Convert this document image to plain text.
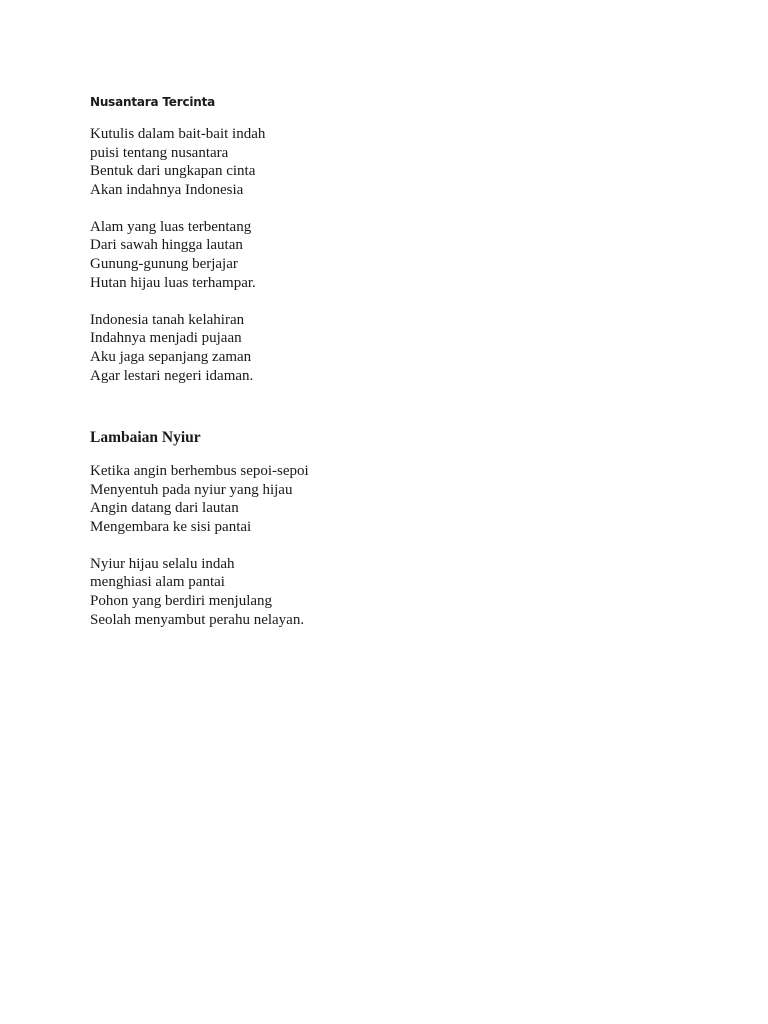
Nusantara Tercinta
Kutulis dalam bait-bait indah
puisi tentang nusantara
Bentuk dari ungkapan cinta
Akan indahnya Indonesia
Alam yang luas terbentang
Dari sawah hingga lautan
Gunung-gunung berjajar
Hutan hijau luas terhampar.
Indonesia tanah kelahiran
Indahnya menjadi pujaan
Aku jaga sepanjang zaman
Agar lestari negeri idaman.
Lambaian Nyiur
Ketika angin berhembus sepoi-sepoi
Menyentuh pada nyiur yang hijau
Angin datang dari lautan
Mengembara ke sisi pantai
Nyiur hijau selalu indah
menghiasi alam pantai
Pohon yang berdiri menjulang
Seolah menyambut perahu nelayan.
